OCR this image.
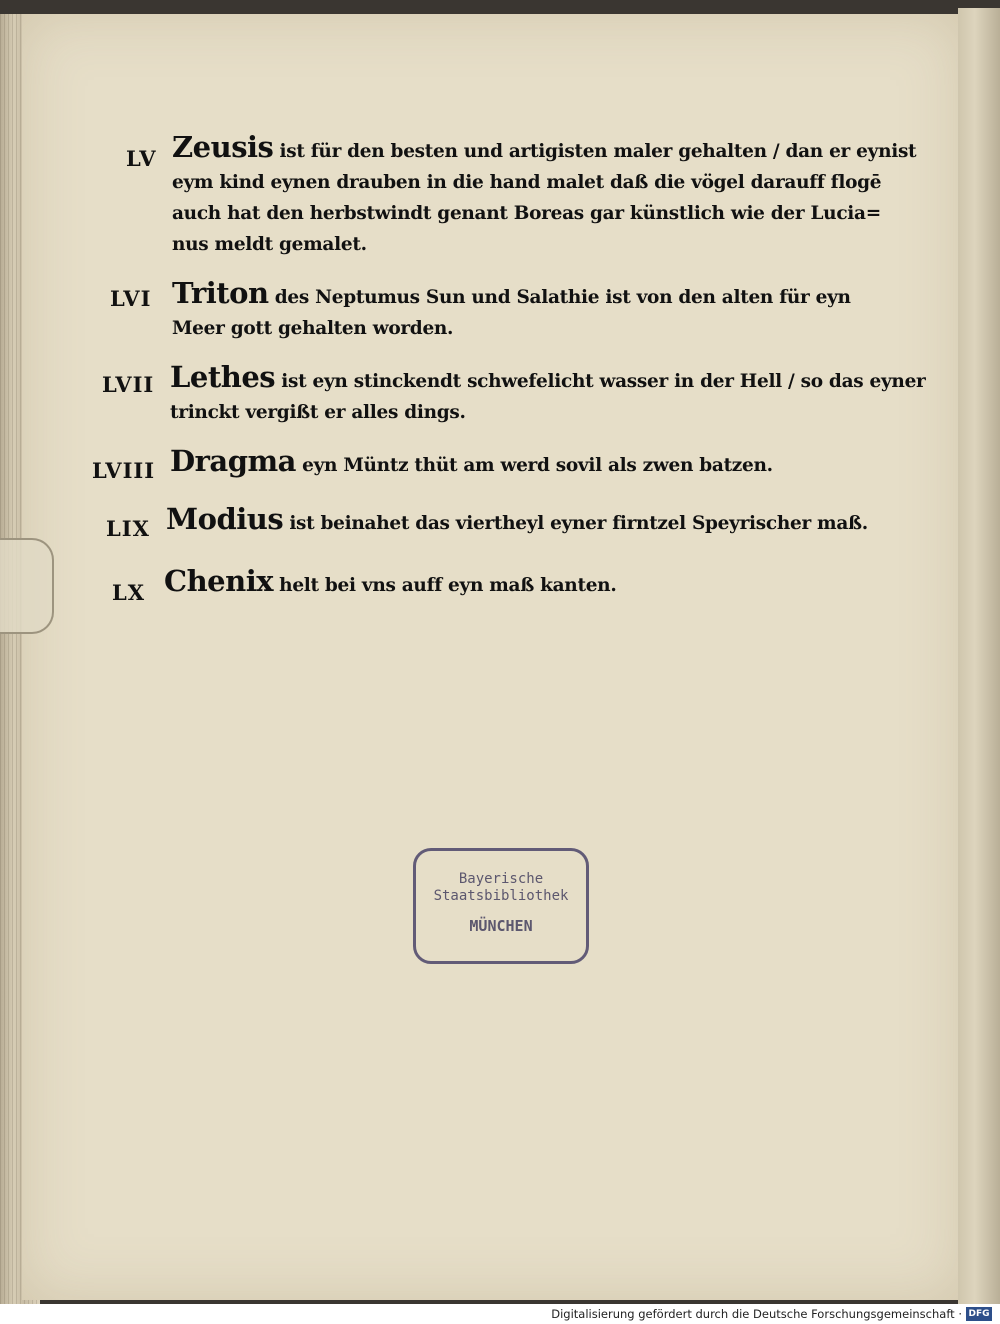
LV Zeusis ist für den besten und artigisten maler gehalten / dan er eynist
eym kind eynen drauben in die hand malet daß die vögel darauff flogē
auch hat den herbstwindt genant Boreas gar künstlich wie der Lucia=
nus meldt gemalet.
LVI Triton des Neptumus Sun und Salathie ist von den alten für eyn
Meer gott gehalten worden.
LVII Lethes ist eyn stinckendt schwefelicht wasser in der Hell / so das eyner
trinckt vergißt er alles dings.
LVIII Dragma eyn Müntz thüt am werd sovil als zwen batzen.
LIX Modius ist beinahet das viertheyl eyner firntzel Speyrischer maß.
LX Chenix helt bei vns auff eyn maß kanten.
Bayerische
Staatsbibliothek
MÜNCHEN
Digitalisierung gefördert durch die Deutsche Forschungsgemeinschaft · DFG
